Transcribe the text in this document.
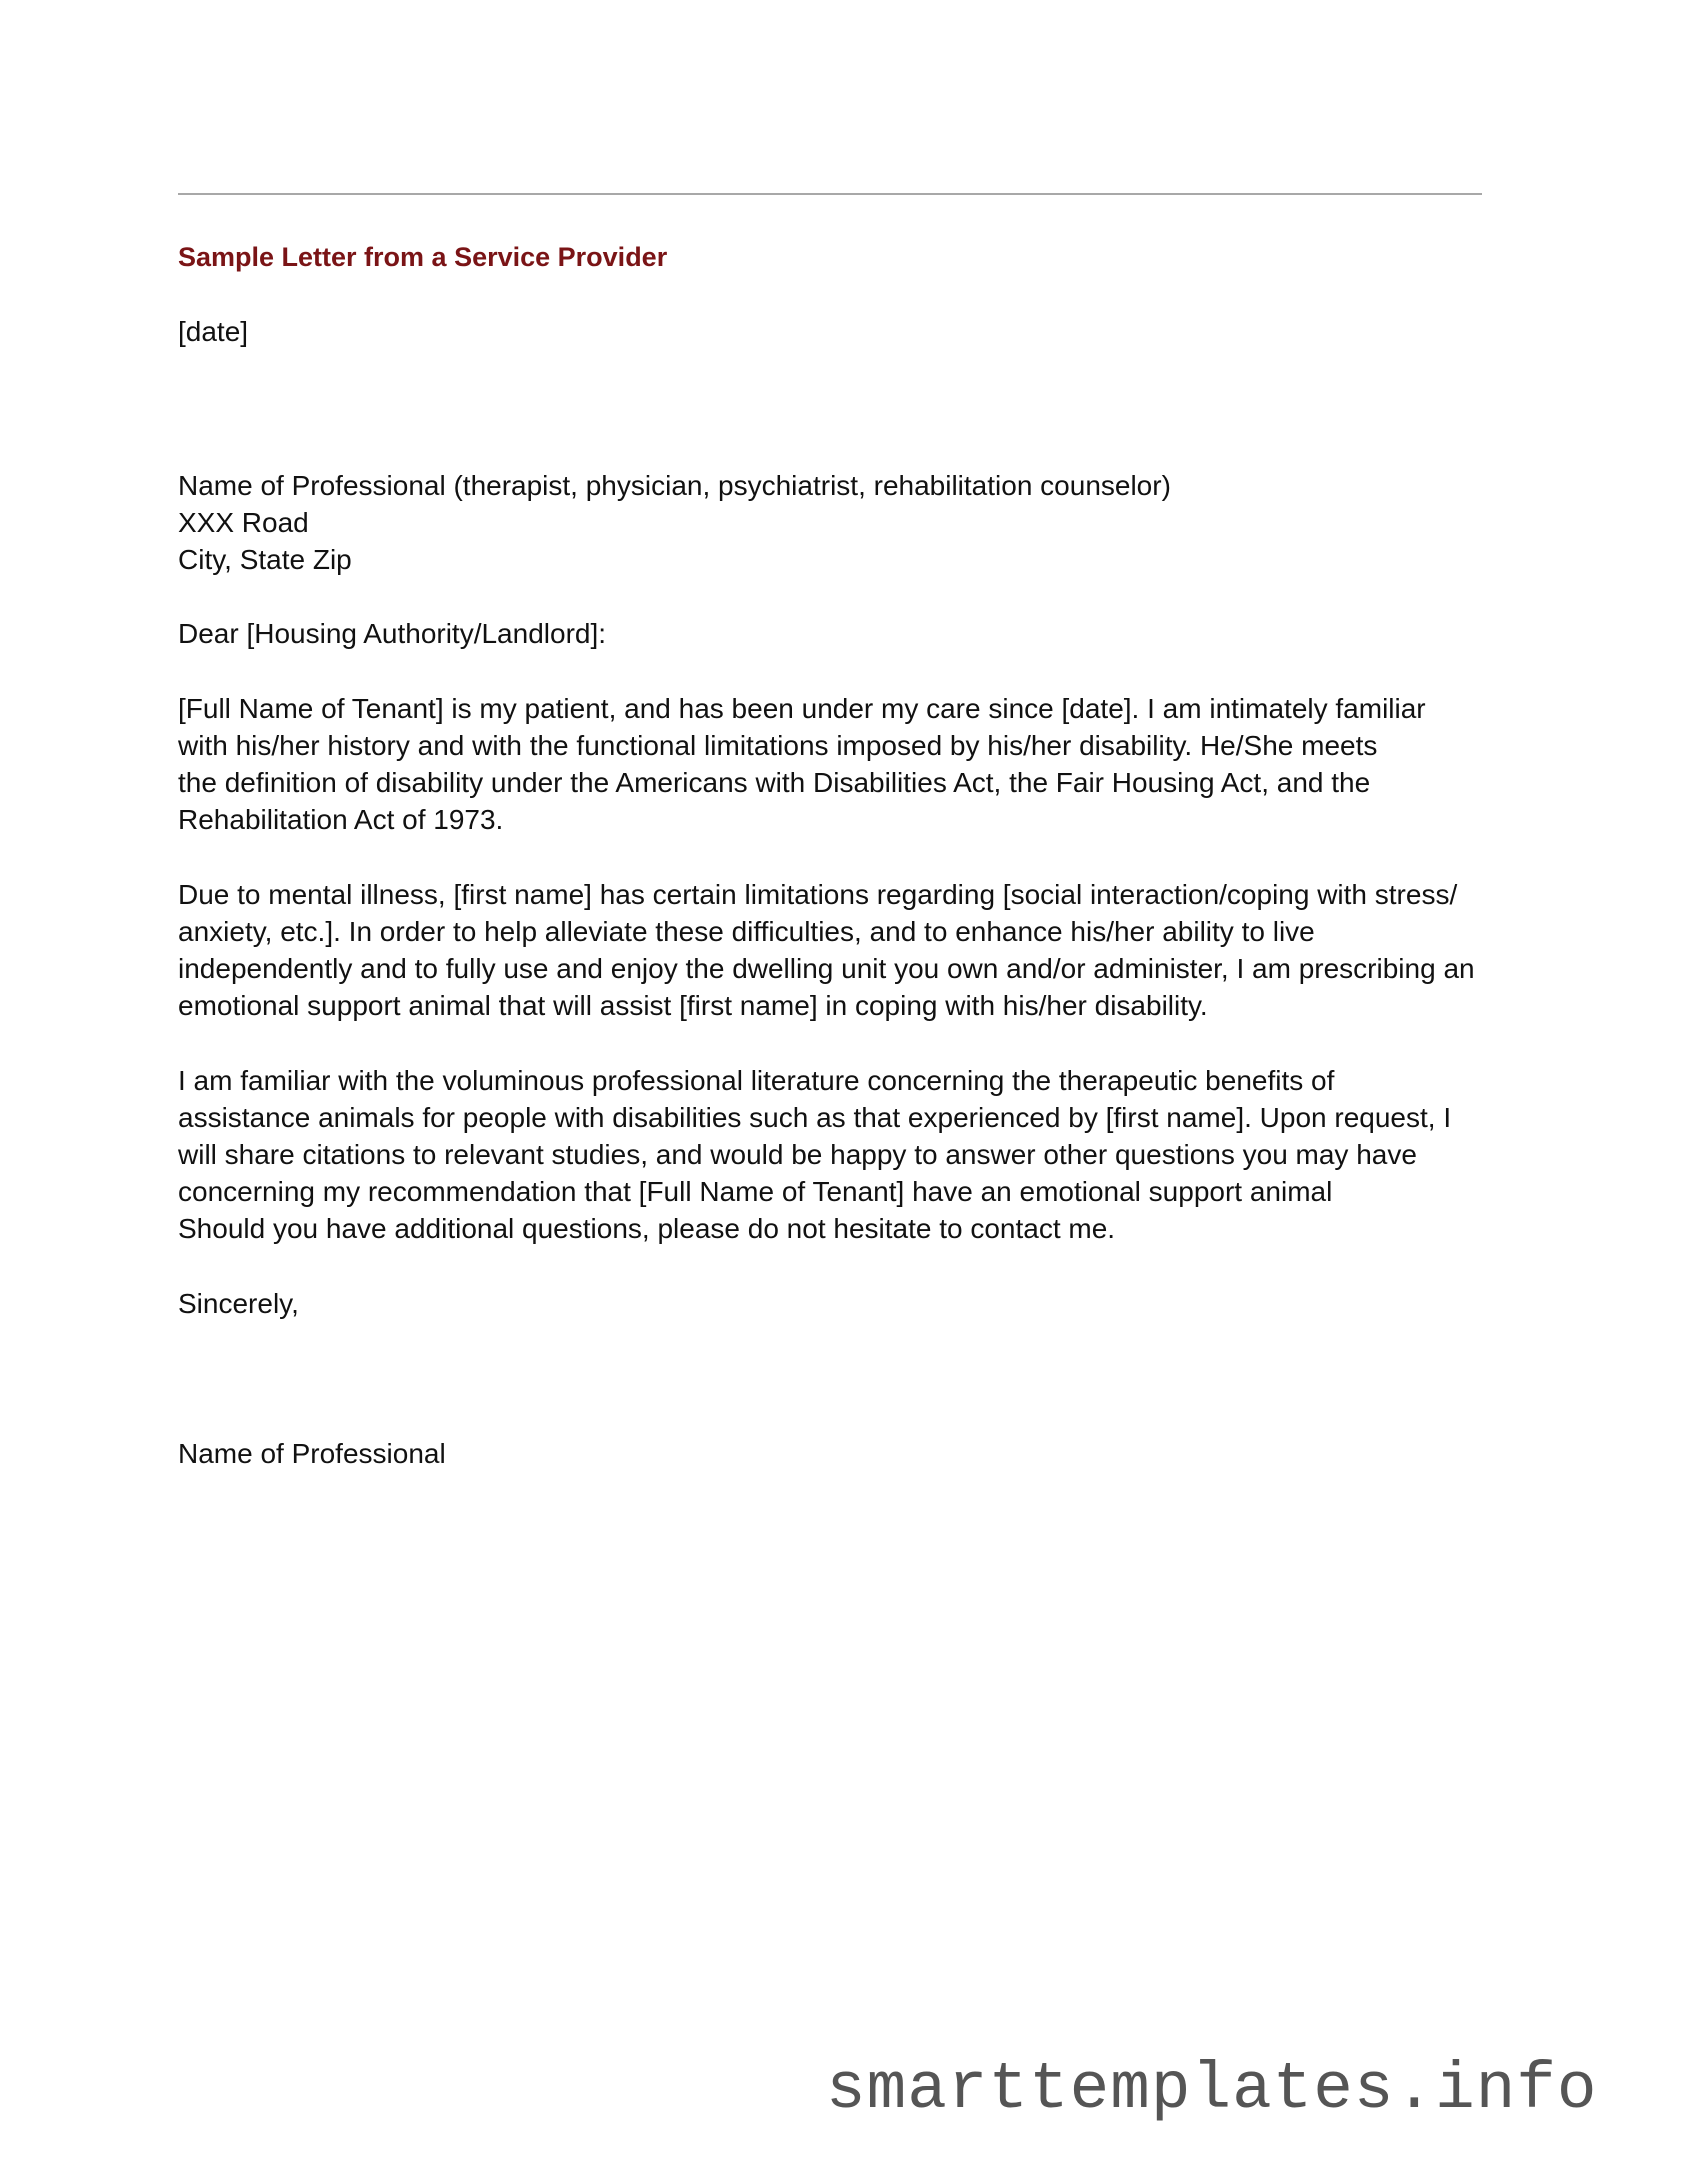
Sample Letter from a Service Provider
[date]
Name of Professional (therapist, physician, psychiatrist, rehabilitation counselor)
XXX Road
City, State Zip
Dear [Housing Authority/Landlord]:
[Full Name of Tenant] is my patient, and has been under my care since [date]. I am intimately familiar
with his/her history and with the functional limitations imposed by his/her disability. He/She meets
the definition of disability under the Americans with Disabilities Act, the Fair Housing Act, and the
Rehabilitation Act of 1973.
Due to mental illness, [first name] has certain limitations regarding [social interaction/coping with stress/
anxiety, etc.]. In order to help alleviate these difficulties, and to enhance his/her ability to live
independently and to fully use and enjoy the dwelling unit you own and/or administer, I am prescribing an
emotional support animal that will assist [first name] in coping with his/her disability.
I am familiar with the voluminous professional literature concerning the therapeutic benefits of
assistance animals for people with disabilities such as that experienced by [first name]. Upon request, I
will share citations to relevant studies, and would be happy to answer other questions you may have
concerning my recommendation that [Full Name of Tenant] have an emotional support animal
Should you have additional questions, please do not hesitate to contact me.
Sincerely,
Name of Professional
smarttemplates.info
